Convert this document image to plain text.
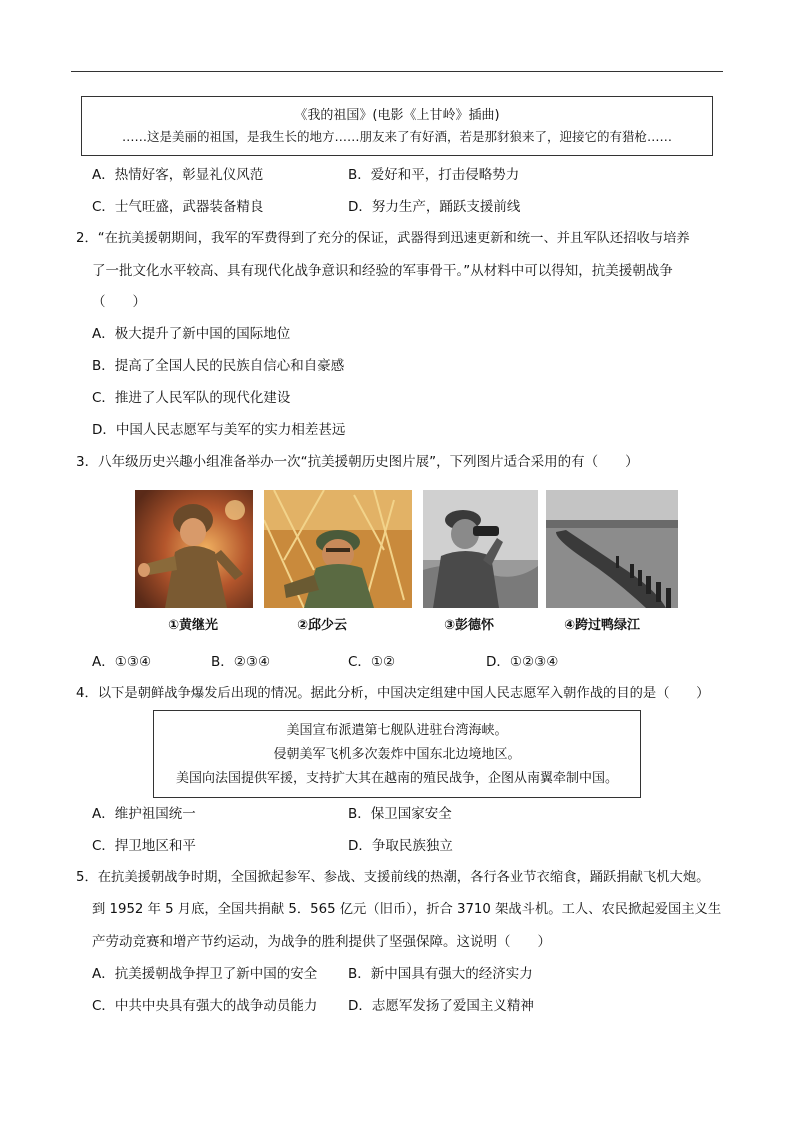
《我的祖国》(电影《上甘岭》插曲)
……这是美丽的祖国，是我生长的地方……朋友来了有好酒，若是那豺狼来了，迎接它的有猎枪……
A．热情好客，彰显礼仪风范	B．爱好和平，打击侵略势力
C．士气旺盛，武器装备精良	D．努力生产，踊跃支援前线
2．“在抗美援朝期间，我军的军费得到了充分的保证，武器得到迅速更新和统一、并且军队还招收与培养
了一批文化水平较高、具有现代化战争意识和经验的军事骨干。”从材料中可以得知，抗美援朝战争
（　　）
A．极大提升了新中国的国际地位
B．提高了全国人民的民族自信心和自豪感
C．推进了人民军队的现代化建设
D．中国人民志愿军与美军的实力相差甚远
3．八年级历史兴趣小组准备举办一次“抗美援朝历史图片展”，下列图片适合采用的有（　　）
①黄继光	②邱少云	③彭德怀	④跨过鸭绿江
A．①③④	B．②③④	C．①②	D．①②③④
4．以下是朝鲜战争爆发后出现的情况。据此分析，中国决定组建中国人民志愿军入朝作战的目的是（　　）
美国宣布派遣第七舰队进驻台湾海峡。
侵朝美军飞机多次轰炸中国东北边境地区。
美国向法国提供军援，支持扩大其在越南的殖民战争，企图从南翼牵制中国。
A．维护祖国统一	B．保卫国家安全
C．捍卫地区和平	D．争取民族独立
5．在抗美援朝战争时期，全国掀起参军、参战、支援前线的热潮，各行各业节衣缩食，踊跃捐献飞机大炮。
到 1952 年 5 月底，全国共捐献 5．565 亿元（旧币），折合 3710 架战斗机。工人、农民掀起爱国主义生
产劳动竞赛和增产节约运动，为战争的胜利提供了坚强保障。这说明（　　）
A．抗美援朝战争捍卫了新中国的安全 B．新中国具有强大的经济实力
C．中共中央具有强大的战争动员能力 D．志愿军发扬了爱国主义精神
